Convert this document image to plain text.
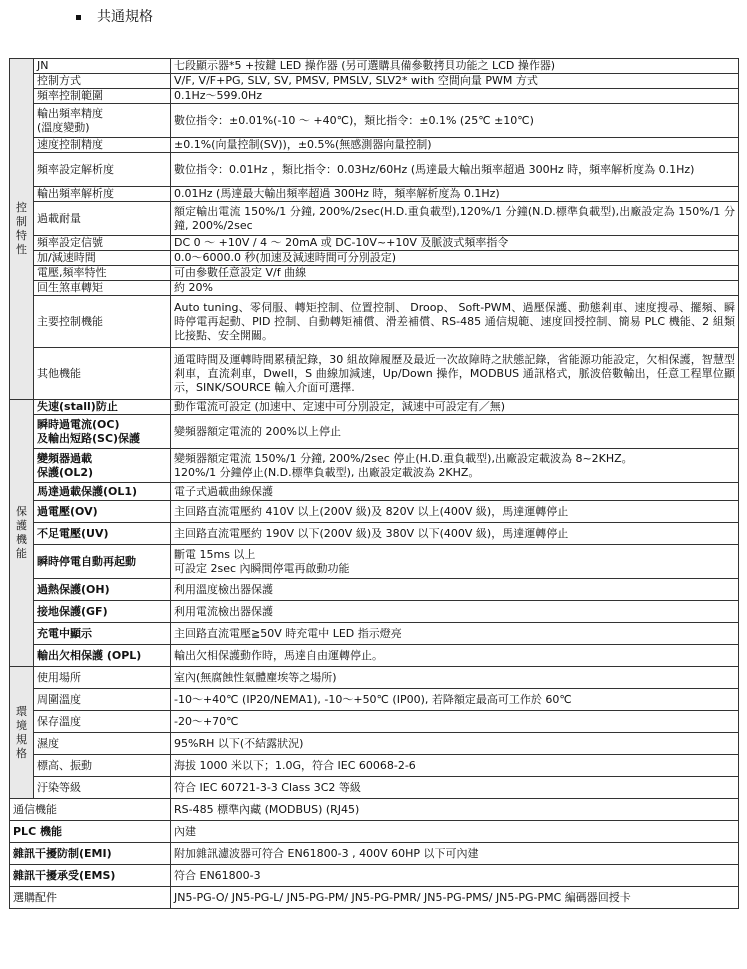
共通規格
控制特性	JN	七段顯示器*5 +按鍵 LED 操作器 (另可選購具備參數拷貝功能之 LCD 操作器)
	控制方式	V/F, V/F+PG, SLV, SV, PMSV, PMSLV, SLV2* with 空間向量 PWM 方式
	頻率控制範圍	0.1Hz～599.0Hz
	輸出頻率精度
(溫度變動)	數位指令：±0.01%(-10 ～ +40℃)，類比指令：±0.1% (25℃ ±10℃)
	速度控制精度	±0.1%(向量控制(SV))，±0.5%(無感測器向量控制)
	頻率設定解析度	數位指令：0.01Hz ，類比指令：0.03Hz/60Hz (馬達最大輸出頻率超過 300Hz 時，頻率解析度為 0.1Hz)
	輸出頻率解析度	0.01Hz (馬達最大輸出頻率超過 300Hz 時，頻率解析度為 0.1Hz)
	過載耐量	額定輸出電流 150%/1 分鐘, 200%/2sec(H.D.重負載型),120%/1 分鐘(N.D.標準負載型),出廠設定為 150%/1 分鐘, 200%/2sec
	頻率設定信號	DC 0 ～ +10V / 4 ～ 20mA 或 DC-10V~+10V 及脈波式頻率指令
	加/減速時間	0.0～6000.0 秒(加速及減速時間可分別設定)
	電壓,頻率特性	可由參數任意設定 V/f 曲線
	回生煞車轉矩	約 20%
	主要控制機能	Auto tuning、零伺服、轉矩控制、位置控制、 Droop、 Soft-PWM、過壓保護、動態剎車、速度搜尋、擺頻、瞬時停電再起動、PID 控制、自動轉矩補償、滑差補償、RS-485 通信規範、速度回授控制、簡易 PLC 機能、2 組類比接點、安全開關。
	其他機能	通電時間及運轉時間累積記錄，30 組故障履歷及最近一次故障時之狀態記錄，省能源功能設定，欠相保護，智慧型剎車，直流剎車，Dwell，S 曲線加減速，Up/Down 操作，MODBUS 通訊格式，脈波倍數輸出，任意工程單位顯示，SINK/SOURCE 輸入介面可選擇.
保護機能	失速(stall)防止	動作電流可設定 (加速中、定速中可分別設定，減速中可設定有／無)
	瞬時過電流(OC)
及輸出短路(SC)保護	變頻器額定電流的 200%以上停止
	變頻器過載
保護(OL2)	變頻器額定電流 150%/1 分鐘, 200%/2sec 停止(H.D.重負載型),出廠設定載波為 8~2KHZ。
120%/1 分鐘停止(N.D.標準負載型), 出廠設定載波為 2KHZ。
	馬達過載保護(OL1)	電子式過載曲線保護
	過電壓(OV)	主回路直流電壓約 410V 以上(200V 級)及 820V 以上(400V 級)，馬達運轉停止
	不足電壓(UV)	主回路直流電壓約 190V 以下(200V 級)及 380V 以下(400V 級)，馬達運轉停止
	瞬時停電自動再起動	斷電 15ms 以上
可設定 2sec 內瞬間停電再啟動功能
	過熱保護(OH)	利用溫度檢出器保護
	接地保護(GF)	利用電流檢出器保護
	充電中顯示	主回路直流電壓≧50V 時充電中 LED 指示燈亮
	輸出欠相保護 (OPL)	輸出欠相保護動作時，馬達自由運轉停止。
環境規格	使用場所	室內(無腐蝕性氣體塵埃等之場所)
	周圍溫度	-10～+40℃ (IP20/NEMA1), -10～+50℃ (IP00), 若降額定最高可工作於 60℃
	保存溫度	-20～+70℃
	濕度	95%RH 以下(不結露狀況)
	標高、振動	海拔 1000 米以下；1.0G，符合 IEC 60068-2-6
	汙染等級	符合 IEC 60721-3-3 Class 3C2 等級
通信機能		RS-485 標準內藏 (MODBUS) (RJ45)
PLC 機能		內建
雜訊干擾防制(EMI)		附加雜訊濾波器可符合 EN61800-3 , 400V 60HP 以下可內建
雜訊干擾承受(EMS)		符合 EN61800-3
選購配件		JN5-PG-O/ JN5-PG-L/ JN5-PG-PM/ JN5-PG-PMR/ JN5-PG-PMS/ JN5-PG-PMC 編碼器回授卡
